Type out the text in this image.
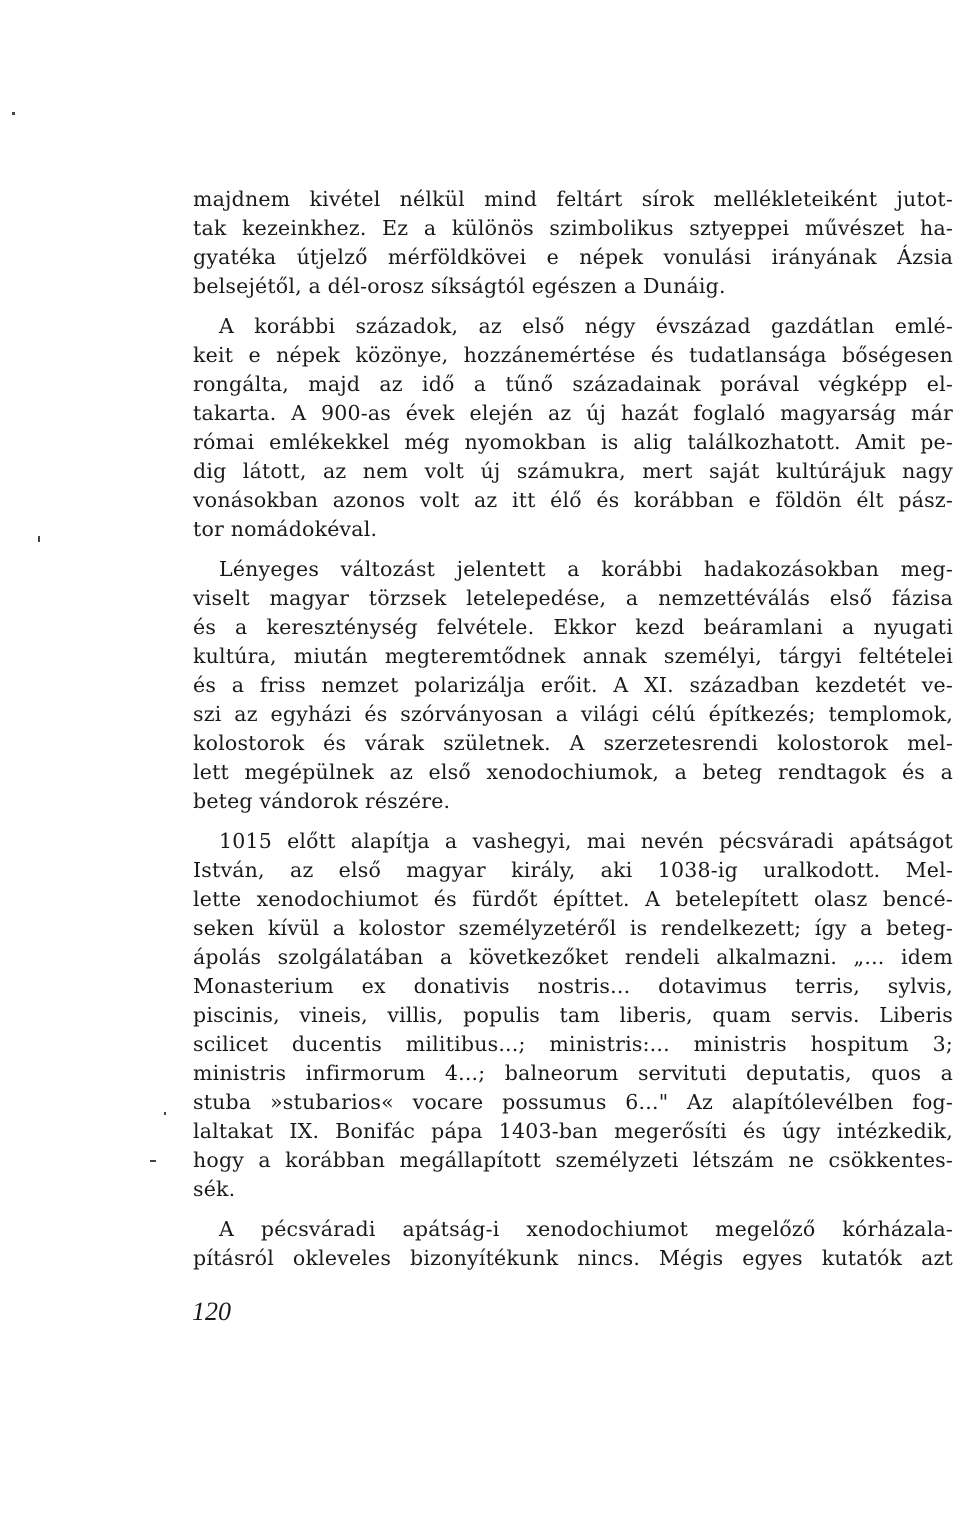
majdnem kivétel nélkül mind feltárt sírok mellékleteiként jutot-
tak kezeinkhez. Ez a különös szimbolikus sztyeppei művészet ha-
gyatéka útjelző mérföldkövei e népek vonulási irányának Ázsia
belsejétől, a dél-orosz síkságtól egészen a Dunáig.
A korábbi századok, az első négy évszázad gazdátlan emlé-
keit e népek közönye, hozzánemértése és tudatlansága bőségesen
rongálta, majd az idő a tűnő századainak porával végképp el-
takarta. A 900-as évek elején az új hazát foglaló magyarság már
római emlékekkel még nyomokban is alig találkozhatott. Amit pe-
dig látott, az nem volt új számukra, mert saját kultúrájuk nagy
vonásokban azonos volt az itt élő és korábban e földön élt pász-
tor nomádokéval.
Lényeges változást jelentett a korábbi hadakozásokban meg-
viselt magyar törzsek letelepedése, a nemzettéválás első fázisa
és a kereszténység felvétele. Ekkor kezd beáramlani a nyugati
kultúra, miután megteremtődnek annak személyi, tárgyi feltételei
és a friss nemzet polarizálja erőit. A XI. században kezdetét ve-
szi az egyházi és szórványosan a világi célú építkezés; templomok,
kolostorok és várak születnek. A szerzetesrendi kolostorok mel-
lett megépülnek az első xenodochiumok, a beteg rendtagok és a
beteg vándorok részére.
1015 előtt alapítja a vashegyi, mai nevén pécsváradi apátságot
István, az első magyar király, aki 1038-ig uralkodott. Mel-
lette xenodochiumot és fürdőt építtet. A betelepített olasz bencé-
seken kívül a kolostor személyzetéről is rendelkezett; így a beteg-
ápolás szolgálatában a következőket rendeli alkalmazni. „... idem
Monasterium ex donativis nostris... dotavimus terris, sylvis,
piscinis, vineis, villis, populis tam liberis, quam servis. Liberis
scilicet ducentis militibus...; ministris:... ministris hospitum 3;
ministris infirmorum 4...; balneorum servituti deputatis, quos a
stuba »stubarios« vocare possumus 6..." Az alapítólevélben fog-
laltakat IX. Bonifác pápa 1403-ban megerősíti és úgy intézkedik,
hogy a korábban megállapított személyzeti létszám ne csökkentes-
sék.
A pécsváradi apátság-i xenodochiumot megelőző kórházala-
pításról okleveles bizonyítékunk nincs. Mégis egyes kutatók azt
120
